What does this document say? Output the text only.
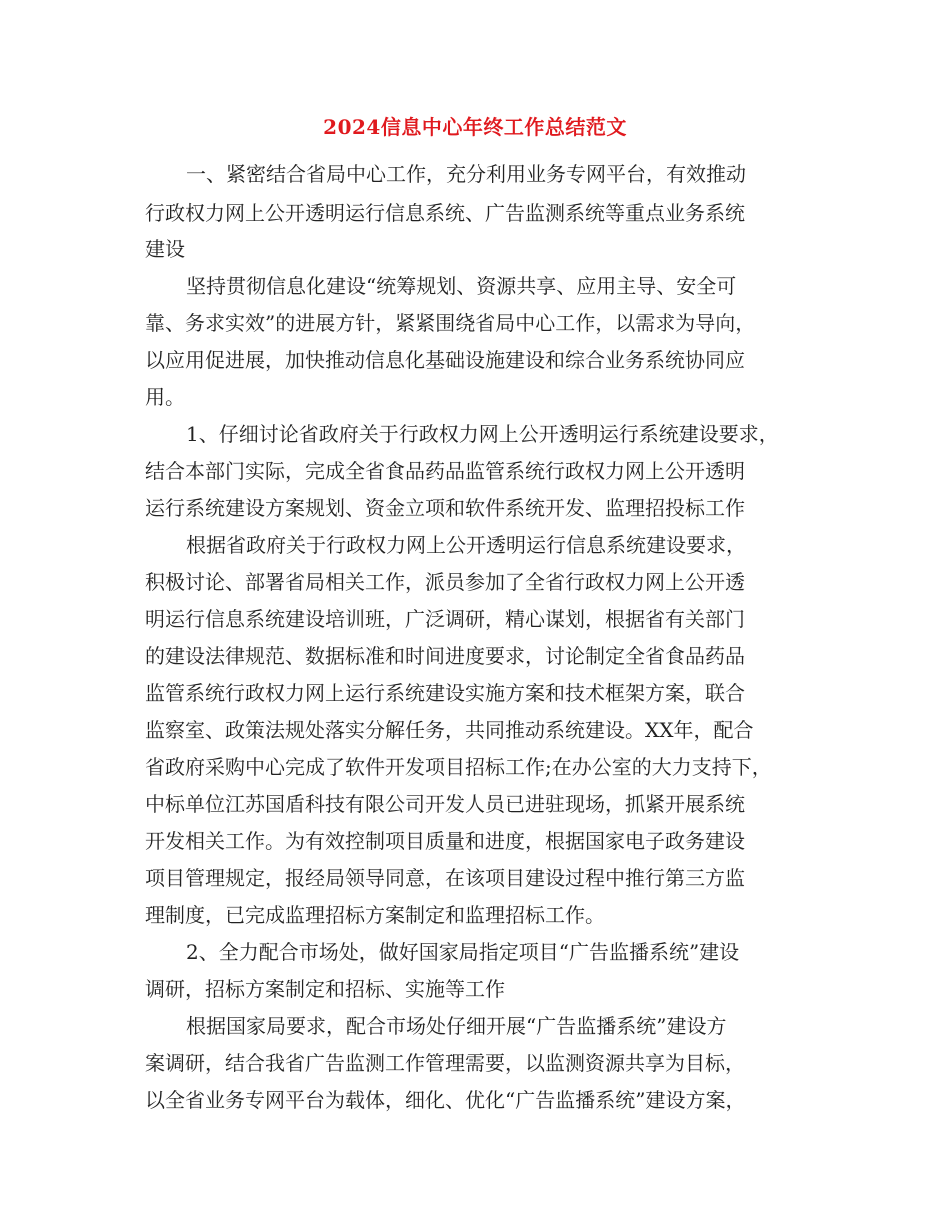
2024信息中心年终工作总结范文
一、紧密结合省局中心工作，充分利用业务专网平台，有效推动
行政权力网上公开透明运行信息系统、广告监测系统等重点业务系统
建设
坚持贯彻信息化建设“统筹规划、资源共享、应用主导、安全可
靠、务求实效”的进展方针，紧紧围绕省局中心工作，以需求为导向，
以应用促进展，加快推动信息化基础设施建设和综合业务系统协同应
用。
1、仔细讨论省政府关于行政权力网上公开透明运行系统建设要求，
结合本部门实际，完成全省食品药品监管系统行政权力网上公开透明
运行系统建设方案规划、资金立项和软件系统开发、监理招投标工作
根据省政府关于行政权力网上公开透明运行信息系统建设要求，
积极讨论、部署省局相关工作，派员参加了全省行政权力网上公开透
明运行信息系统建设培训班，广泛调研，精心谋划，根据省有关部门
的建设法律规范、数据标准和时间进度要求，讨论制定全省食品药品
监管系统行政权力网上运行系统建设实施方案和技术框架方案，联合
监察室、政策法规处落实分解任务，共同推动系统建设。XX年，配合
省政府采购中心完成了软件开发项目招标工作;在办公室的大力支持下，
中标单位江苏国盾科技有限公司开发人员已进驻现场，抓紧开展系统
开发相关工作。为有效控制项目质量和进度，根据国家电子政务建设
项目管理规定，报经局领导同意，在该项目建设过程中推行第三方监
理制度，已完成监理招标方案制定和监理招标工作。
2、全力配合市场处，做好国家局指定项目“广告监播系统”建设
调研，招标方案制定和招标、实施等工作
根据国家局要求，配合市场处仔细开展“广告监播系统”建设方
案调研，结合我省广告监测工作管理需要，以监测资源共享为目标，
以全省业务专网平台为载体，细化、优化“广告监播系统”建设方案，
